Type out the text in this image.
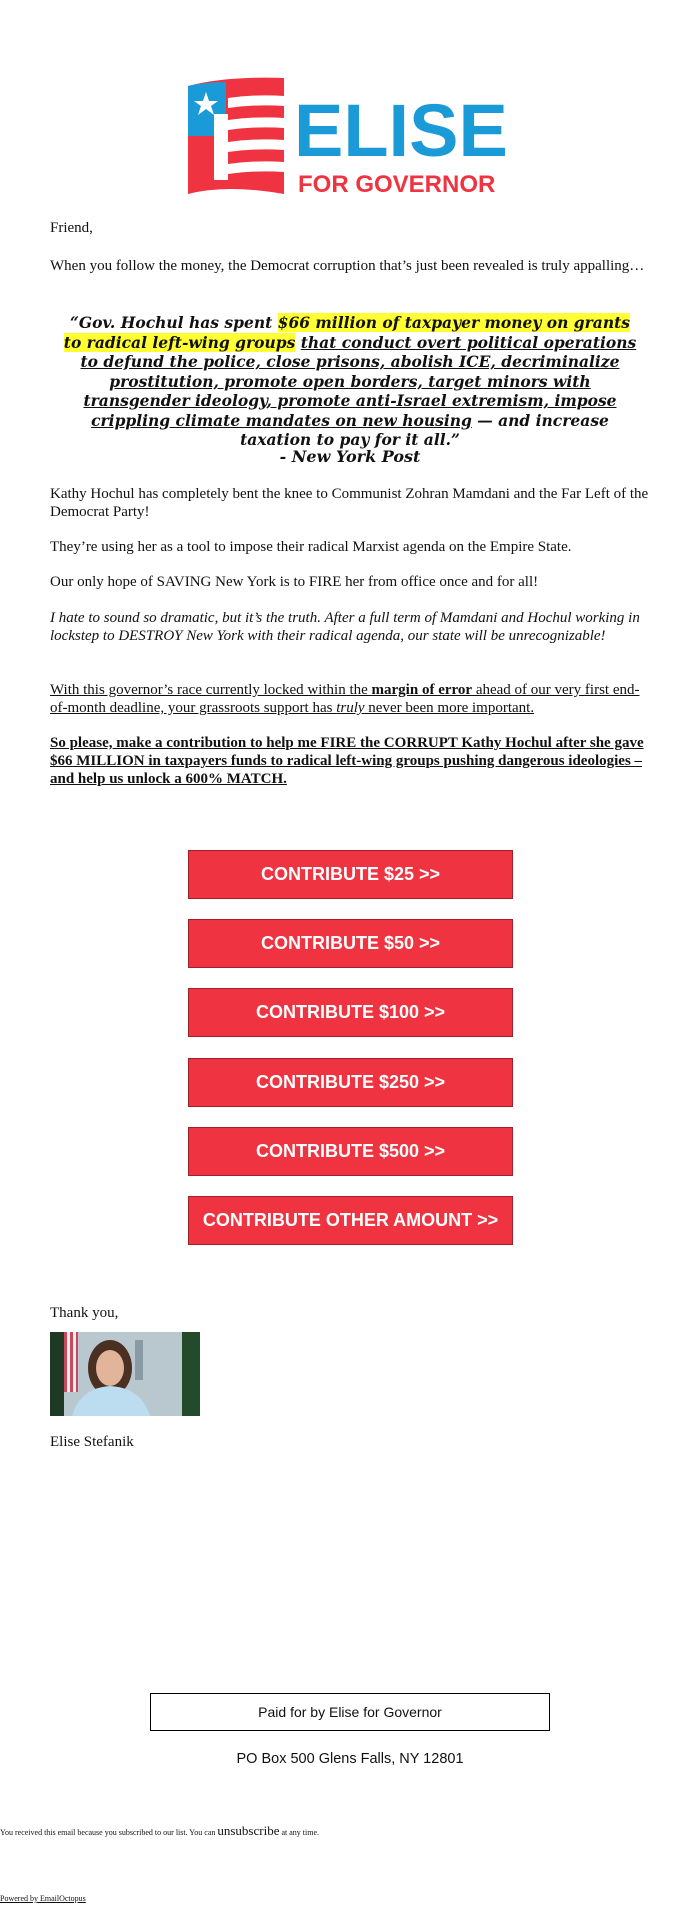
ELISE
FOR GOVERNOR

Friend,

When you follow the money, the Democrat corruption that’s just been revealed is truly appalling…

“Gov. Hochul has spent $66 million of taxpayer money on grants to radical left-wing groups that conduct overt political operations to defund the police, close prisons, abolish ICE, decriminalize prostitution, promote open borders, target minors with transgender ideology, promote anti-Israel extremism, impose crippling climate mandates on new housing — and increase taxation to pay for it all.”
- New York Post

Kathy Hochul has completely bent the knee to Communist Zohran Mamdani and the Far Left of the Democrat Party!

They’re using her as a tool to impose their radical Marxist agenda on the Empire State.

Our only hope of SAVING New York is to FIRE her from office once and for all!

I hate to sound so dramatic, but it’s the truth. After a full term of Mamdani and Hochul working in lockstep to DESTROY New York with their radical agenda, our state will be unrecognizable!

With this governor’s race currently locked within the margin of error ahead of our very first end-of-month deadline, your grassroots support has truly never been more important.

So please, make a contribution to help me FIRE the CORRUPT Kathy Hochul after she gave $66 MILLION in taxpayers funds to radical left-wing groups pushing dangerous ideologies – and help us unlock a 600% MATCH.

CONTRIBUTE $25 >>
CONTRIBUTE $50 >>
CONTRIBUTE $100 >>
CONTRIBUTE $250 >>
CONTRIBUTE $500 >>
CONTRIBUTE OTHER AMOUNT >>

Thank you,

Elise Stefanik

Paid for by Elise for Governor
PO Box 500 Glens Falls, NY 12801
You received this email because you subscribed to our list. You can unsubscribe at any time.
Powered by EmailOctopus
